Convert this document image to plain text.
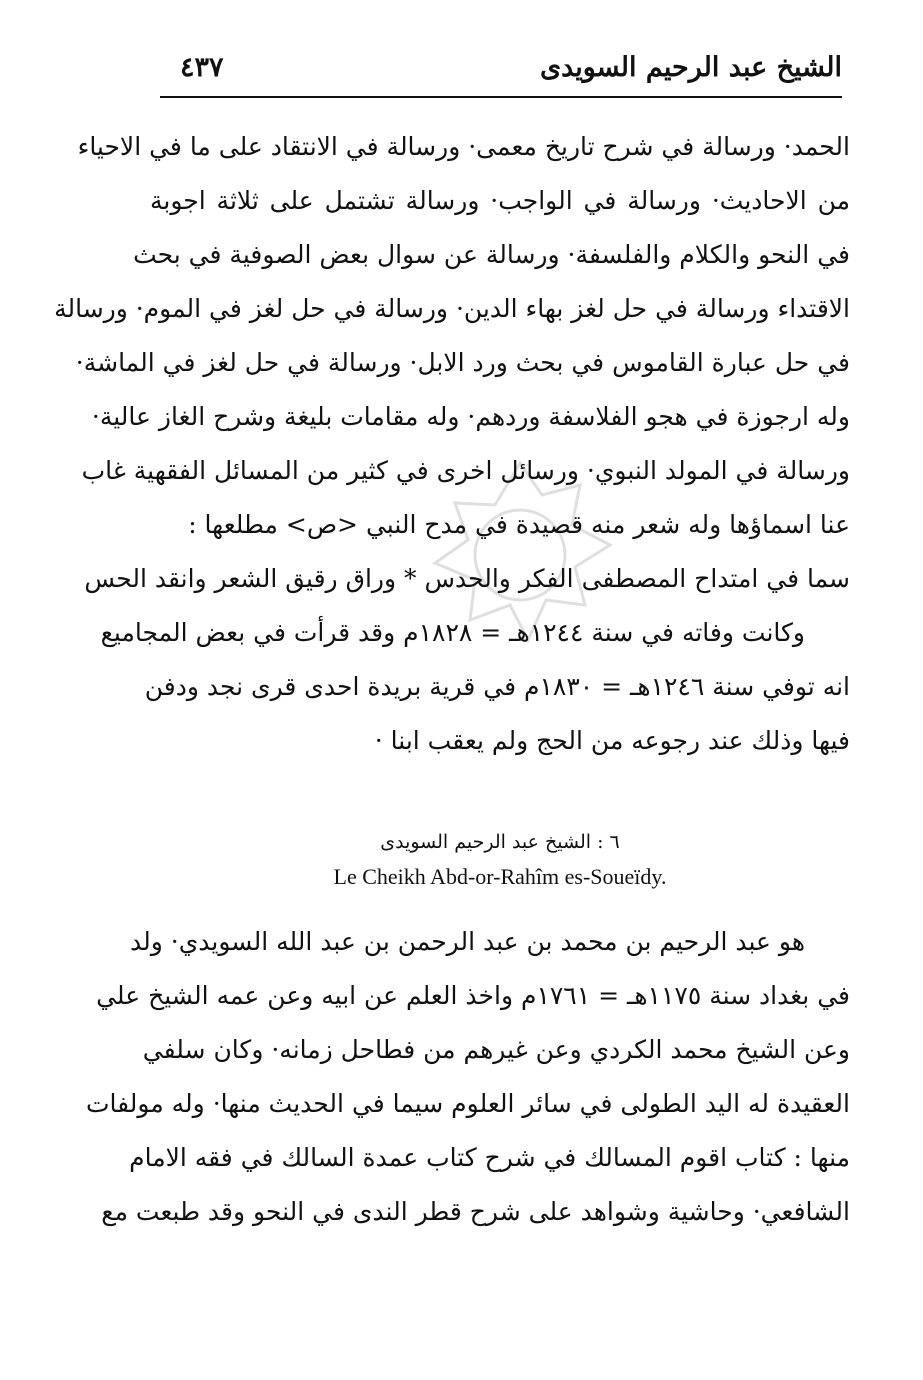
الشيخ عبد الرحيم السويدى
٤٣٧
الحمد· ورسالة في شرح تاريخ معمى· ورسالة في الانتقاد على ما في الاحياء
من الاحاديث· ورسالة في الواجب· ورسالة تشتمل على ثلاثة اجوبة
في النحو والكلام والفلسفة· ورسالة عن سوال بعض الصوفية في بحث
الاقتداء ورسالة في حل لغز بهاء الدين· ورسالة في حل لغز في الموم· ورسالة
في حل عبارة القاموس في بحث ورد الابل· ورسالة في حل لغز في الماشة·
وله ارجوزة في هجو الفلاسفة وردهم· وله مقامات بليغة وشرح الغاز عالية·
ورسالة في المولد النبوي· ورسائل اخرى في كثير من المسائل الفقهية غاب
عنا اسماؤها وله شعر منه قصيدة في مدح النبي <ص> مطلعها :
سما في امتداح المصطفى الفكر والحدس * وراق رقيق الشعر وانقد الحس
وكانت وفاته في سنة ١٢٤٤هـ = ١٨٢٨م وقد قرأت في بعض المجاميع
انه توفي سنة ١٢٤٦هـ = ١٨٣٠م في قرية بريدة احدى قرى نجد ودفن
فيها وذلك عند رجوعه من الحج ولم يعقب ابنا ·
٦ : الشيخ عبد الرحيم السويدى
Le Cheikh Abd-or-Rahîm es-Soueïdy.
هو عبد الرحيم بن محمد بن عبد الرحمن بن عبد الله السويدي· ولد
في بغداد سنة ١١٧٥هـ = ١٧٦١م واخذ العلم عن ابيه وعن عمه الشيخ علي
وعن الشيخ محمد الكردي وعن غيرهم من فطاحل زمانه· وكان سلفي
العقيدة له اليد الطولى في سائر العلوم سيما في الحديث منها· وله مولفات
منها : كتاب اقوم المسالك في شرح كتاب عمدة السالك في فقه الامام
الشافعي· وحاشية وشواهد على شرح قطر الندى في النحو وقد طبعت مع
